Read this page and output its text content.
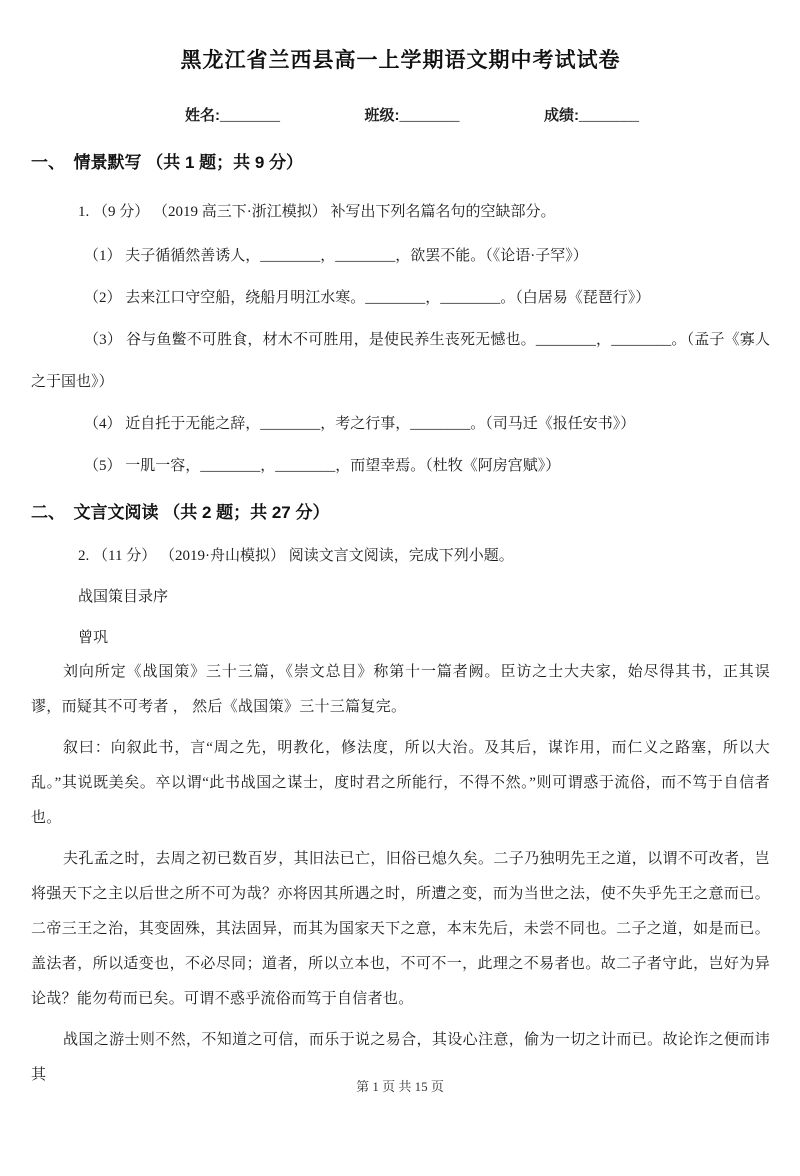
黑龙江省兰西县高一上学期语文期中考试试卷
姓名:________	班级:________	成绩:________
一、　情景默写 （共 1 题；共 9 分）
1. （9 分） （2019 高三下·浙江模拟） 补写出下列名篇名句的空缺部分。
（1） 夫子循循然善诱人，________，________，欲罢不能。（《论语·子罕》）
（2） 去来江口守空船，绕船月明江水寒。________，________。（白居易《琵琶行》）
（3） 谷与鱼鳖不可胜食，材木不可胜用，是使民养生丧死无憾也。________，________。（孟子《寡人之于国也》）
（4） 近自托于无能之辞，________，考之行事，________。（司马迁《报任安书》）
（5） 一肌一容，________，________，而望幸焉。（杜牧《阿房宫赋》）
二、　文言文阅读 （共 2 题；共 27 分）
2. （11 分） （2019·舟山模拟） 阅读文言文阅读，完成下列小题。
战国策目录序
曾巩
刘向所定《战国策》三十三篇，《崇文总目》称第十一篇者阙。臣访之士大夫家，始尽得其书，正其误谬，而疑其不可考者 ， 然后《战国策》三十三篇复完。
叙曰：向叙此书，言“周之先，明教化，修法度，所以大治。及其后，谋诈用，而仁义之路塞，所以大乱。”其说既美矣。卒以谓“此书战国之谋士，度时君之所能行，不得不然。”则可谓惑于流俗，而不笃于自信者也。
夫孔孟之时，去周之初已数百岁，其旧法已亡，旧俗已熄久矣。二子乃独明先王之道，以谓不可改者，岂将强天下之主以后世之所不可为哉？亦将因其所遇之时，所遭之变，而为当世之法，使不失乎先王之意而已。二帝三王之治，其变固殊，其法固异，而其为国家天下之意，本末先后，未尝不同也。二子之道，如是而已。盖法者，所以适变也，不必尽同；道者，所以立本也，不可不一，此理之不易者也。故二子者守此，岂好为异论哉？能勿苟而已矣。可谓不惑乎流俗而笃于自信者也。
战国之游士则不然，不知道之可信，而乐于说之易合，其设心注意，偷为一切之计而已。故论诈之便而讳其
第 1 页 共 15 页
